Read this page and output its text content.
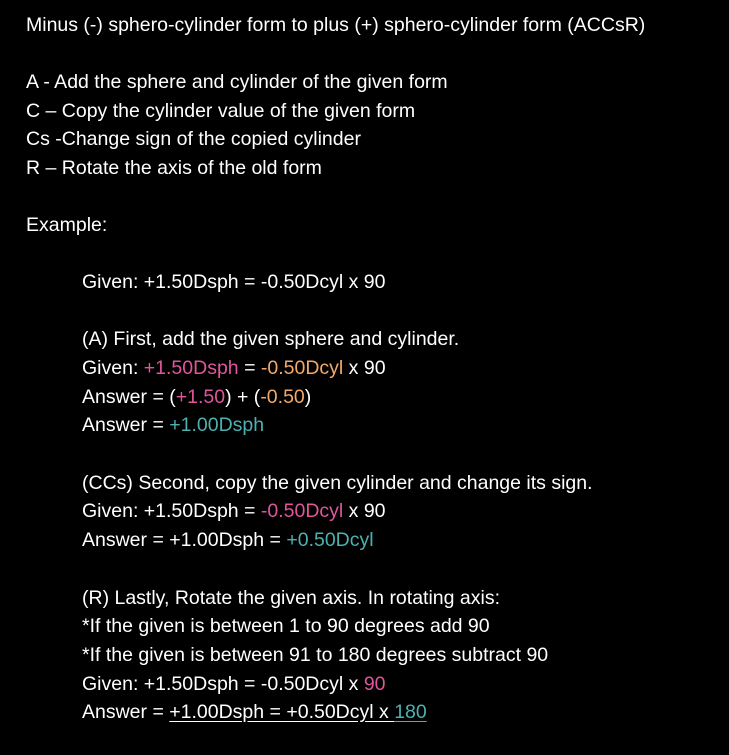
Minus (-) sphero-cylinder form to plus (+) sphero-cylinder form (ACCsR)
A - Add the sphere and cylinder of the given form
C – Copy the cylinder value of the given form
Cs -Change sign of the copied cylinder
R – Rotate the axis of the old form
Example:
Given: +1.50Dsph = -0.50Dcyl x 90
(A) First, add the given sphere and cylinder.
Given: +1.50Dsph = -0.50Dcyl x 90
Answer = (+1.50) + (-0.50)
Answer = +1.00Dsph
(CCs) Second, copy the given cylinder and change its sign.
Given: +1.50Dsph = -0.50Dcyl x 90
Answer = +1.00Dsph = +0.50Dcyl
(R) Lastly, Rotate the given axis. In rotating axis:
*If the given is between 1 to 90 degrees add 90
*If the given is between 91 to 180 degrees subtract 90
Given: +1.50Dsph = -0.50Dcyl x 90
Answer = +1.00Dsph = +0.50Dcyl x 180
